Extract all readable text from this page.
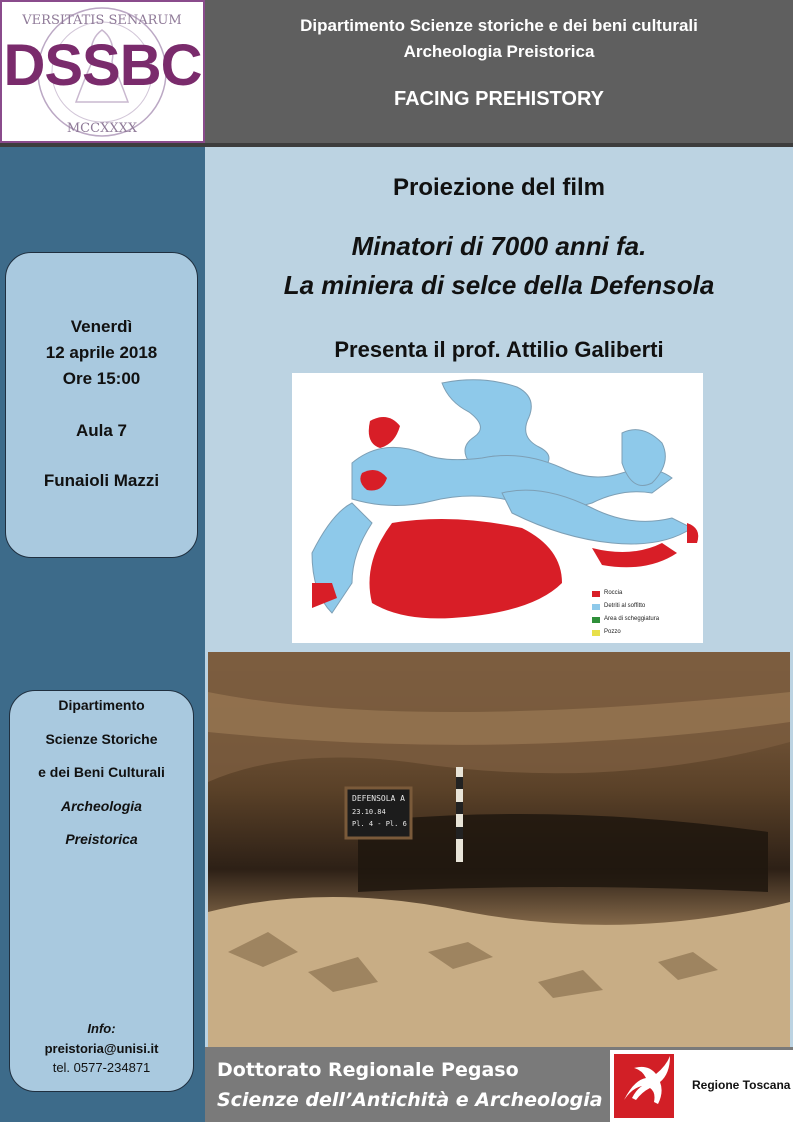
VERSITATIS SENARUM
MCCXXXX
DSSBC
Dipartimento Scienze storiche e dei beni culturali
Archeologia Preistorica
FACING PREHISTORY
Venerdì
12 aprile 2018
Ore 15:00
Aula 7
Funaioli Mazzi
Dipartimento
Scienze Storiche
e dei Beni Culturali
Archeologia
Preistorica
Info:
preistoria@unisi.it
tel. 0577-234871
Proiezione del film
Minatori di 7000 anni fa.
La miniera di selce della Defensola
Presenta il prof. Attilio Galiberti
Roccia
Detriti al soffitto
Area di scheggiatura
Pozzo
DEFENSOLA A
23.10.84
Pl. 4 - Pl. 6
Dottorato Regionale Pegaso
Scienze dell’Antichità e Archeologia
Regione Toscana
